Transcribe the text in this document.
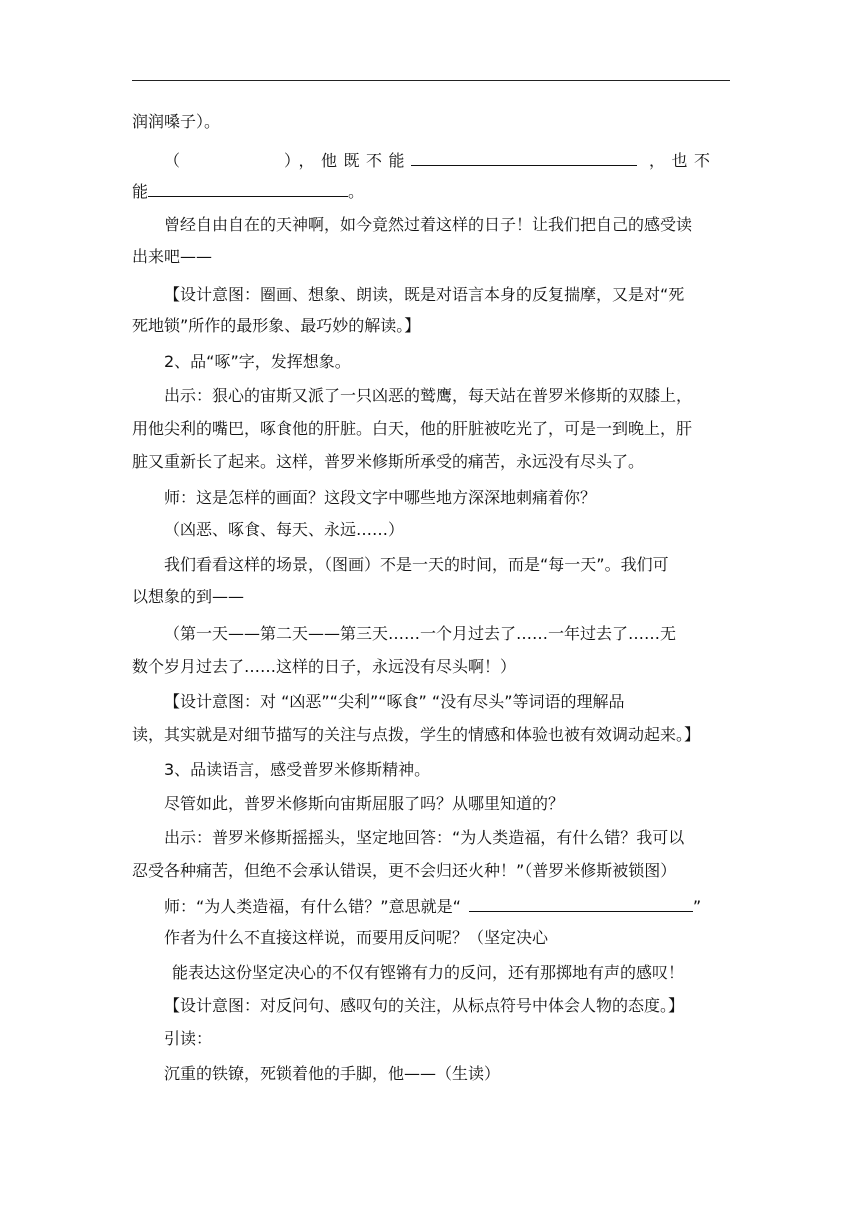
润润嗓子）。
（	），他既不能	，也不
能	。
曾经自由自在的天神啊，如今竟然过着这样的日子！让我们把自己的感受读
出来吧——
【设计意图：圈画、想象、朗读，既是对语言本身的反复揣摩，又是对“死
死地锁”所作的最形象、最巧妙的解读。】
2、品“啄”字，发挥想象。
出示：狠心的宙斯又派了一只凶恶的鹫鹰，每天站在普罗米修斯的双膝上，
用他尖利的嘴巴，啄食他的肝脏。白天，他的肝脏被吃光了，可是一到晚上，肝
脏又重新长了起来。这样，普罗米修斯所承受的痛苦，永远没有尽头了。
师：这是怎样的画面？这段文字中哪些地方深深地刺痛着你？
（凶恶、啄食、每天、永远……）
我们看看这样的场景，（图画）不是一天的时间，而是“每一天”。我们可
以想象的到——
（第一天——第二天——第三天……一个月过去了……一年过去了……无
数个岁月过去了……这样的日子，永远没有尽头啊！）
【设计意图：对 “凶恶”“尖利”“啄食” “没有尽头”等词语的理解品
读，其实就是对细节描写的关注与点拨，学生的情感和体验也被有效调动起来。】
3、品读语言，感受普罗米修斯精神。
尽管如此，普罗米修斯向宙斯屈服了吗？从哪里知道的？
出示：普罗米修斯摇摇头，坚定地回答：“为人类造福，有什么错？我可以
忍受各种痛苦，但绝不会承认错误，更不会归还火种！”（普罗米修斯被锁图）
师：“为人类造福，有什么错？”意思就是“	”
作者为什么不直接这样说，而要用反问呢？（坚定决心
能表达这份坚定决心的不仅有铿锵有力的反问，还有那掷地有声的感叹！
【设计意图：对反问句、感叹句的关注，从标点符号中体会人物的态度。】
引读：
沉重的铁镣，死锁着他的手脚，他——（生读）
